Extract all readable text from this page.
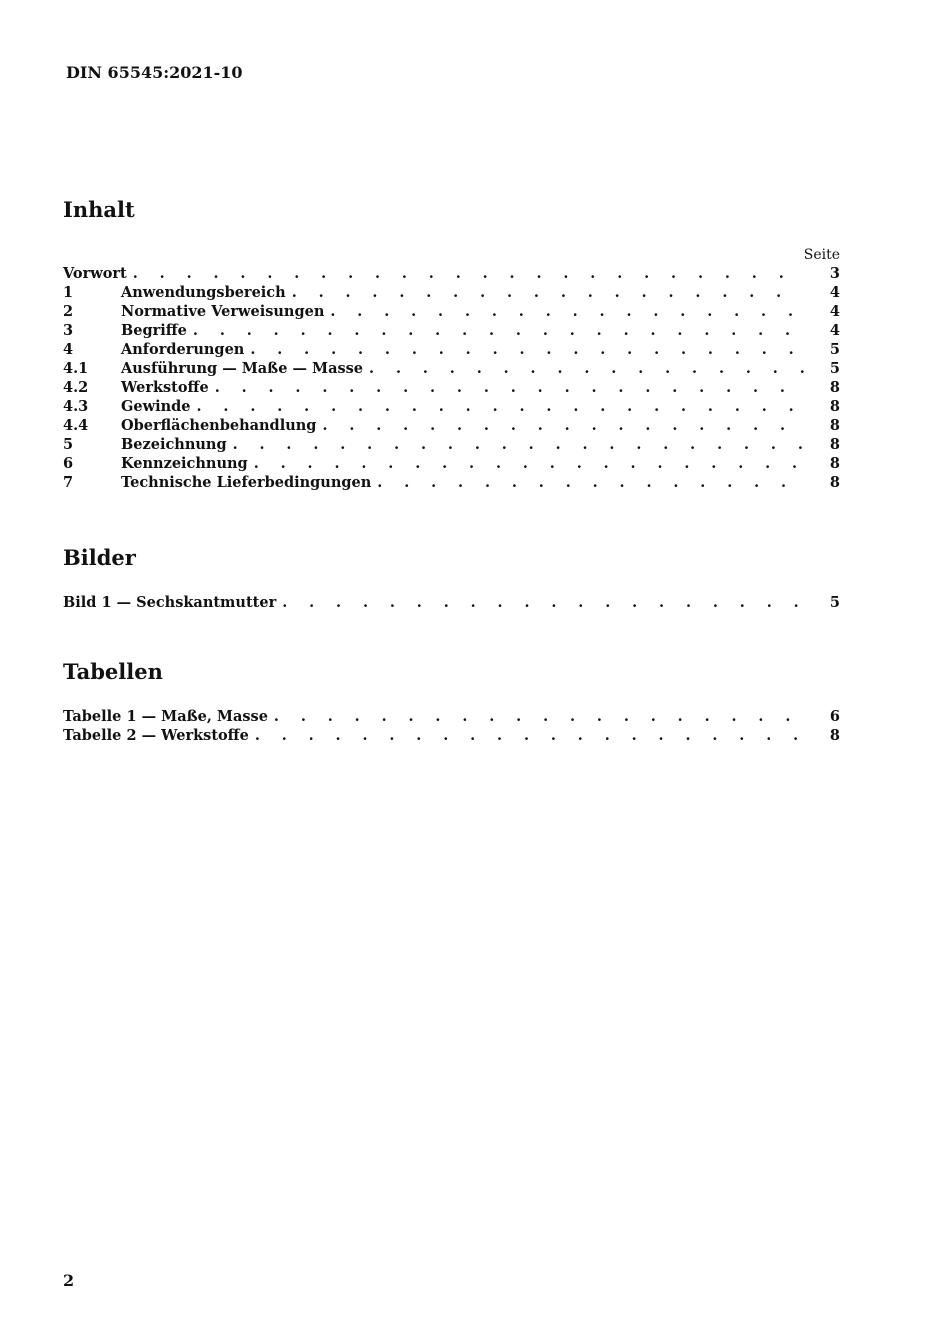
DIN 65545:2021-10
Inhalt
Seite
Vorwort . . .	3
1	Anwendungsbereich . . .	4
2	Normative Verweisungen . . .	4
3	Begriffe . . .	4
4	Anforderungen . . .	5
4.1	Ausführung — Maße — Masse . . .	5
4.2	Werkstoffe . . .	8
4.3	Gewinde . . .	8
4.4	Oberflächenbehandlung . . .	8
5	Bezeichnung . . .	8
6	Kennzeichnung . . .	8
7	Technische Lieferbedingungen . . .	8
Bilder
Bild 1 — Sechskantmutter . . .	5
Tabellen
Tabelle 1 — Maße, Masse . . .	6
Tabelle 2 — Werkstoffe . . .	8
2
